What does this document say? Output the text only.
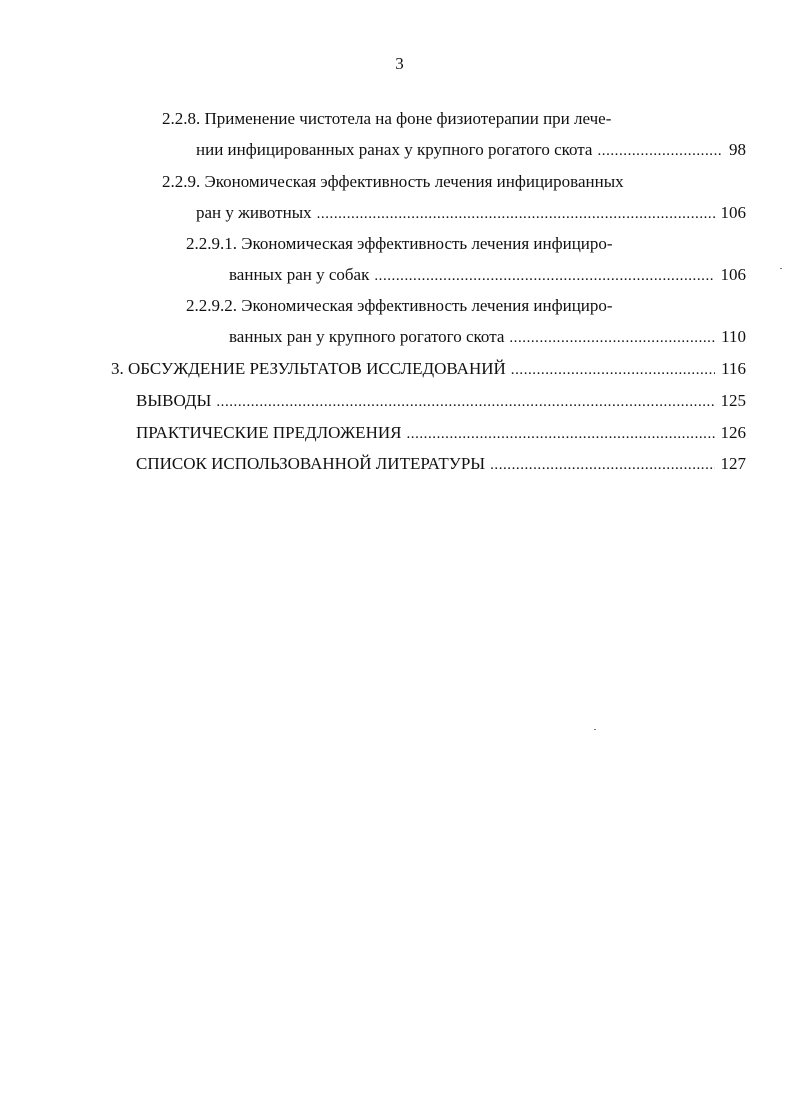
3
2.2.8. Применение чистотела на фоне физиотерапии при лече-
нии инфицированных ранах у крупного рогатого скота . . .	98
2.2.9. Экономическая эффективность лечения инфицированных
ран у животных . . .	106
2.2.9.1. Экономическая эффективность лечения инфициро-
ванных ран у собак . . .	106
2.2.9.2. Экономическая эффективность лечения инфициро-
ванных ран у крупного рогатого скота . . .	110
3. ОБСУЖДЕНИЕ РЕЗУЛЬТАТОВ ИССЛЕДОВАНИЙ . . .	116
ВЫВОДЫ . . .	125
ПРАКТИЧЕСКИЕ ПРЕДЛОЖЕНИЯ . . .	126
СПИСОК ИСПОЛЬЗОВАННОЙ ЛИТЕРАТУРЫ . . .	127
